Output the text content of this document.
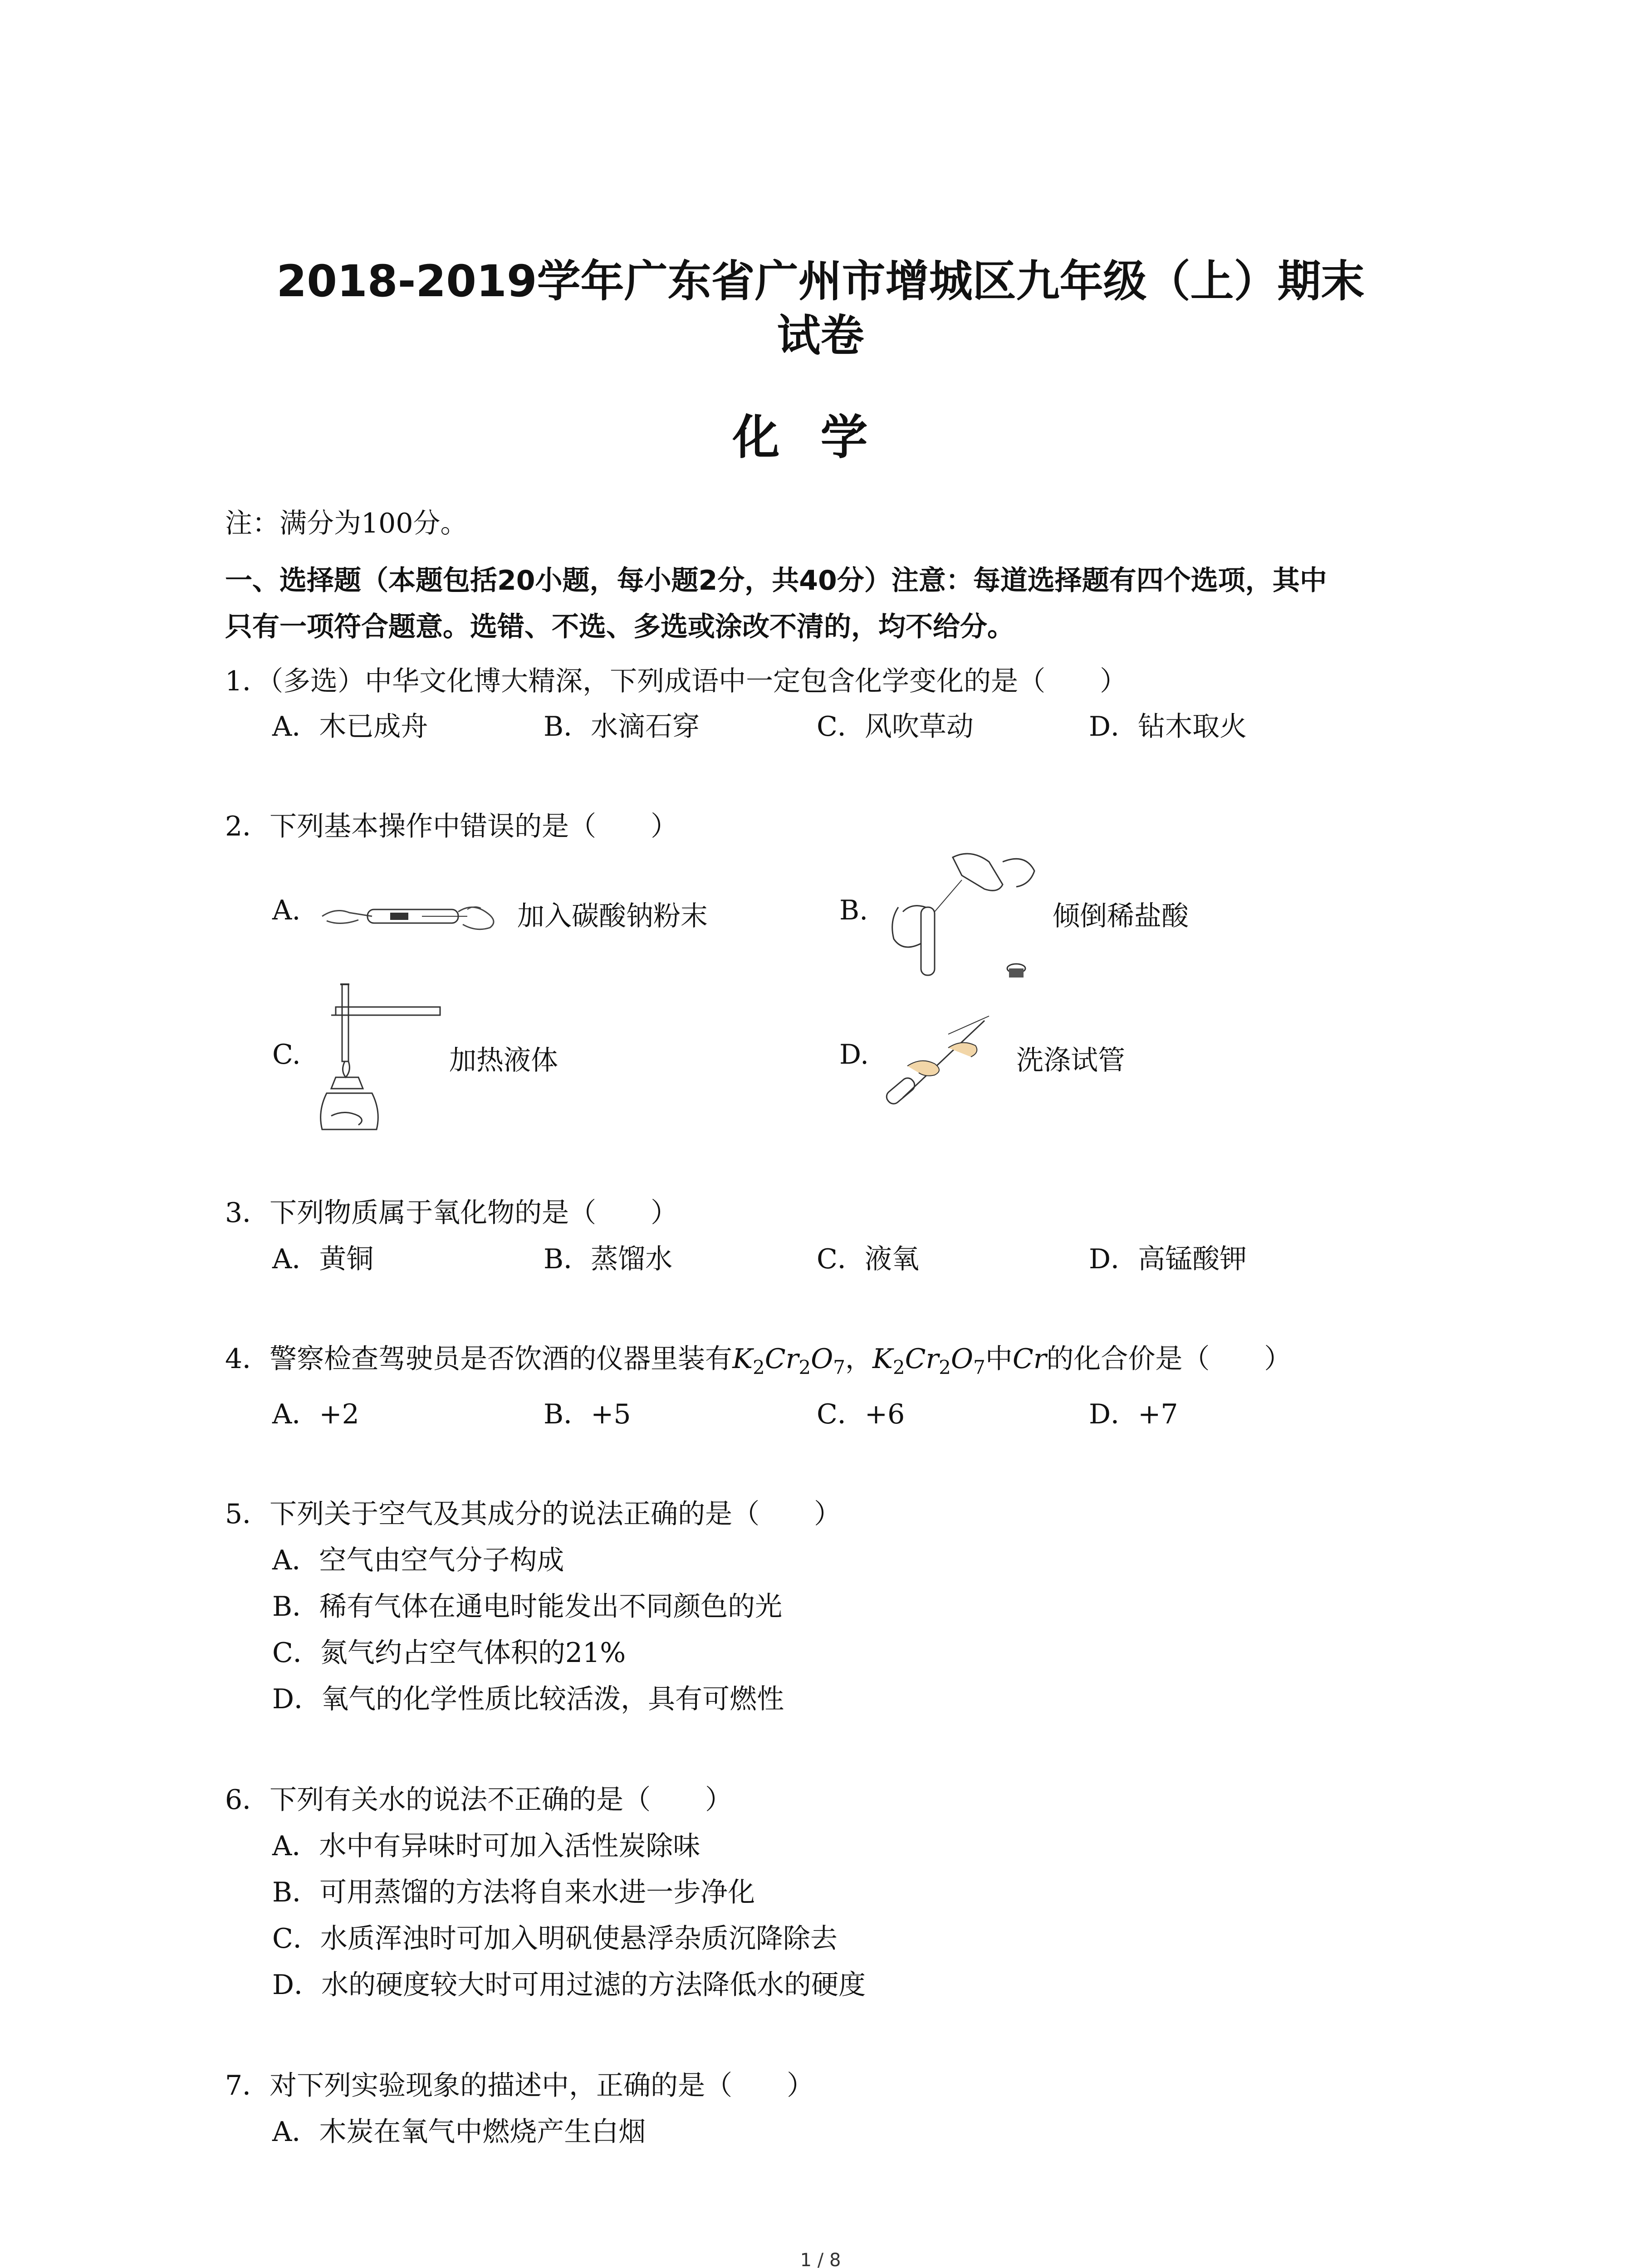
2018-2019学年广东省广州市增城区九年级（上）期末
试卷
化学
注：满分为100分。
一、选择题（本题包括20小题，每小题2分，共40分）注意：每道选择题有四个选项，其中
只有一项符合题意。选错、不选、多选或涂改不清的，均不给分。
1．（多选）中华文化博大精深，下列成语中一定包含化学变化的是（　　）
A．木已成舟	B．水滴石穿	C．风吹草动	D．钻木取火
2．下列基本操作中错误的是（　　）
A.	加入碳酸钠粉末	B.	倾倒稀盐酸
C.	加热液体	D.	洗涤试管
3．下列物质属于氧化物的是（　　）
A．黄铜	B．蒸馏水	C．液氧	D．高锰酸钾
4．警察检查驾驶员是否饮酒的仪器里装有$K_2Cr_2O_7$，$K_2Cr_2O_7$中Cr的化合价是（　　）
A．+2	B．+5	C．+6	D．+7
5．下列关于空气及其成分的说法正确的是（　　）
A．空气由空气分子构成
B．稀有气体在通电时能发出不同颜色的光
C．氮气约占空气体积的21%
D．氧气的化学性质比较活泼，具有可燃性
6．下列有关水的说法不正确的是（　　）
A．水中有异味时可加入活性炭除味
B．可用蒸馏的方法将自来水进一步净化
C．水质浑浊时可加入明矾使悬浮杂质沉降除去
D．水的硬度较大时可用过滤的方法降低水的硬度
7．对下列实验现象的描述中，正确的是（　　）
A．木炭在氧气中燃烧产生白烟
1 / 8
